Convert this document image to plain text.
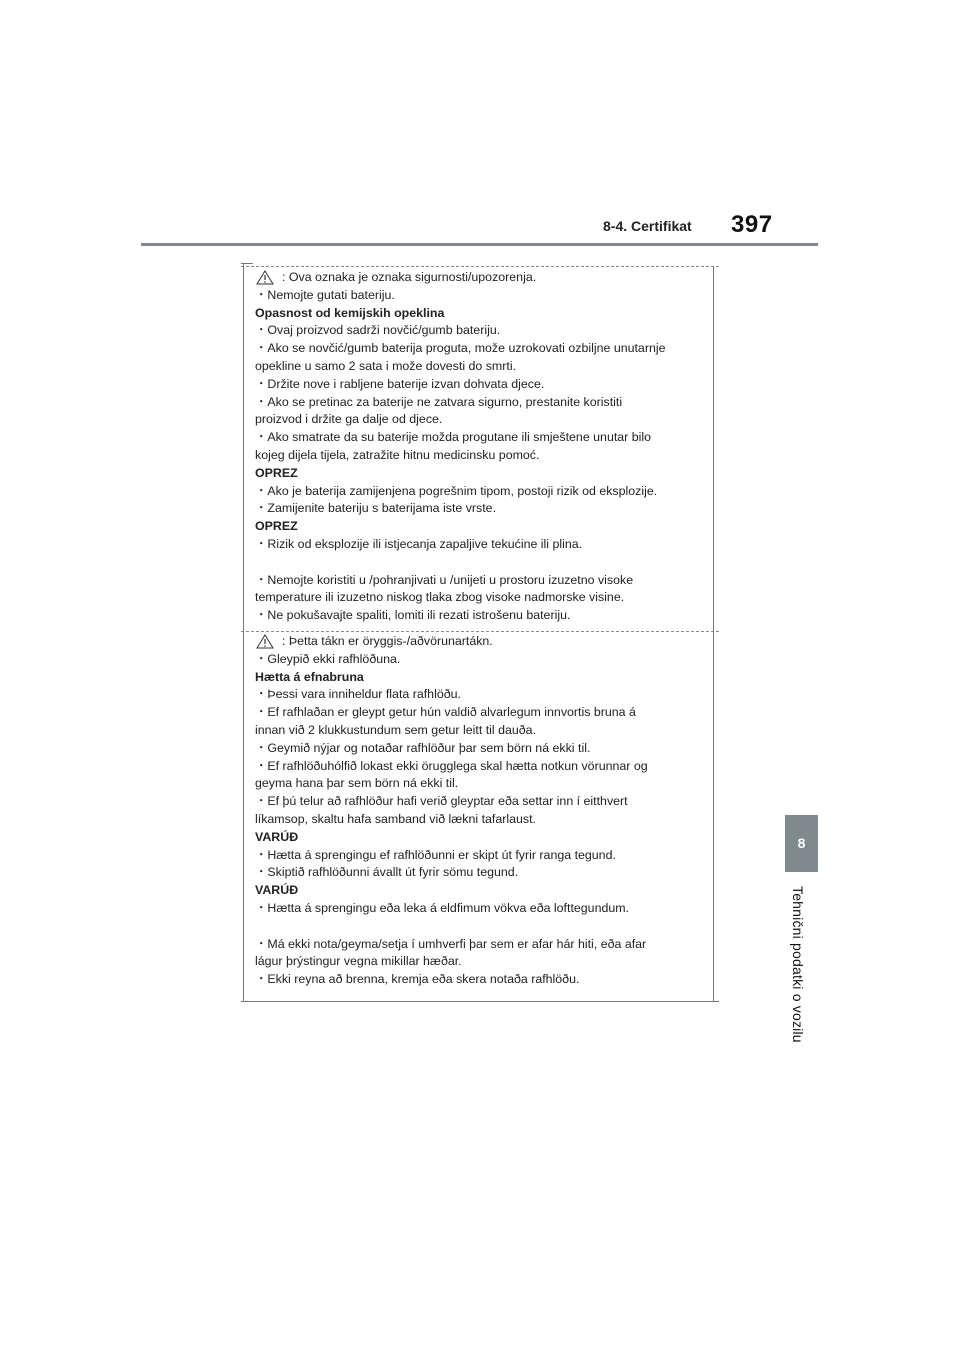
8-4. Certifikat 397
8
Tehnični podatki o vozilu
: Ova oznaka je oznaka sigurnosti/upozorenja.
・Nemojte gutati bateriju.
Opasnost od kemijskih opeklina
・Ovaj proizvod sadrži novčić/gumb bateriju.
・Ako se novčić/gumb baterija proguta, može uzrokovati ozbiljne unutarnje
opekline u samo 2 sata i može dovesti do smrti.
・Držite nove i rabljene baterije izvan dohvata djece.
・Ako se pretinac za baterije ne zatvara sigurno, prestanite koristiti
proizvod i držite ga dalje od djece.
・Ako smatrate da su baterije možda progutane ili smještene unutar bilo
kojeg dijela tijela, zatražite hitnu medicinsku pomoć.
OPREZ
・Ako je baterija zamijenjena pogrešnim tipom, postoji rizik od eksplozije.
・Zamijenite bateriju s baterijama iste vrste.
OPREZ
・Rizik od eksplozije ili istjecanja zapaljive tekućine ili plina.
・Nemojte koristiti u /pohranjivati u /unijeti u prostoru izuzetno visoke
temperature ili izuzetno niskog tlaka zbog visoke nadmorske visine.
・Ne pokušavajte spaliti, lomiti ili rezati istrošenu bateriju.
: Þetta tákn er öryggis-/aðvörunartákn.
・Gleypið ekki rafhlöðuna.
Hætta á efnabruna
・Þessi vara inniheldur flata rafhlöðu.
・Ef rafhlaðan er gleypt getur hún valdið alvarlegum innvortis bruna á
innan við 2 klukkustundum sem getur leitt til dauða.
・Geymið nýjar og notaðar rafhlöður þar sem börn ná ekki til.
・Ef rafhlöðuhólfið lokast ekki örugglega skal hætta notkun vörunnar og
geyma hana þar sem börn ná ekki til.
・Ef þú telur að rafhlöður hafi verið gleyptar eða settar inn í eitthvert
líkamsop, skaltu hafa samband við lækni tafarlaust.
VARÚÐ
・Hætta á sprengingu ef rafhlöðunni er skipt út fyrir ranga tegund.
・Skiptið rafhlöðunni ávallt út fyrir sömu tegund.
VARÚÐ
・Hætta á sprengingu eða leka á eldfimum vökva eða lofttegundum.
・Má ekki nota/geyma/setja í umhverfi þar sem er afar hár hiti, eða afar
lágur þrýstingur vegna mikillar hæðar.
・Ekki reyna að brenna, kremja eða skera notaða rafhlöðu.
